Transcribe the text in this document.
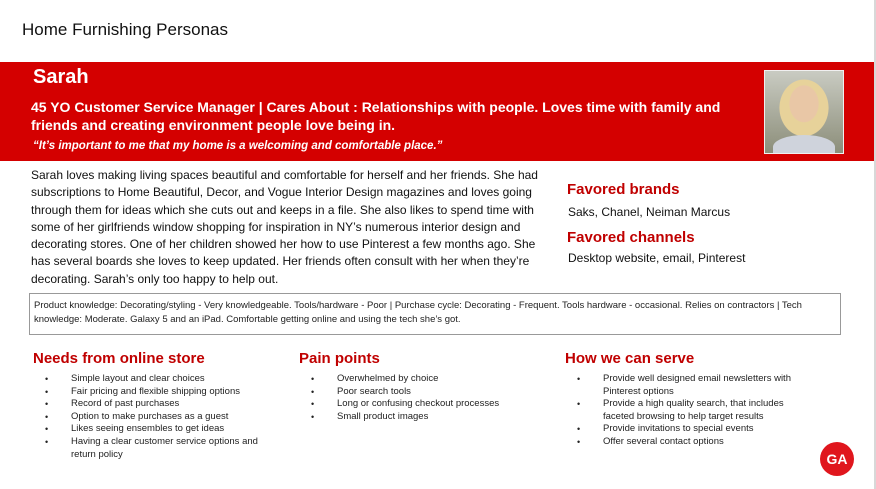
Home Furnishing Personas
Sarah
45 YO Customer Service Manager | Cares About : Relationships with people. Loves time with family and friends and creating environment people love being in.
“It’s important to me that my home is a welcoming and comfortable place.”
Sarah loves making living spaces beautiful and comfortable for herself and her friends. She had subscriptions to Home Beautiful, Decor, and Vogue Interior Design magazines and loves going through them for ideas which she cuts out and keeps in a file. She also likes to spend time with some of her girlfriends window shopping for inspiration in NY’s numerous interior design and decorating stores. One of her children showed her how to use Pinterest a few months ago. She has several boards she loves to keep updated. Her friends often consult with her when they’re decorating. Sarah’s only too happy to help out.
Favored brands
Saks, Chanel, Neiman Marcus
Favored channels
Desktop website, email, Pinterest
Product knowledge: Decorating/styling - Very knowledgeable. Tools/hardware - Poor | Purchase cycle: Decorating - Frequent. Tools hardware - occasional. Relies on contractors | Tech knowledge: Moderate. Galaxy 5 and an iPad. Comfortable getting online and using the tech she’s got.
Needs from online store
• Simple layout and clear choices
• Fair pricing and flexible shipping options
• Record of past purchases
• Option to make purchases as a guest
• Likes seeing ensembles to get ideas
• Having a clear customer service options and return policy
Pain points
• Overwhelmed by choice
• Poor search tools
• Long or confusing checkout processes
• Small product images
How we can serve
• Provide well designed email newsletters with Pinterest options
• Provide a high quality search, that includes faceted browsing to help target results
• Provide invitations to special events
• Offer several contact options
GA
